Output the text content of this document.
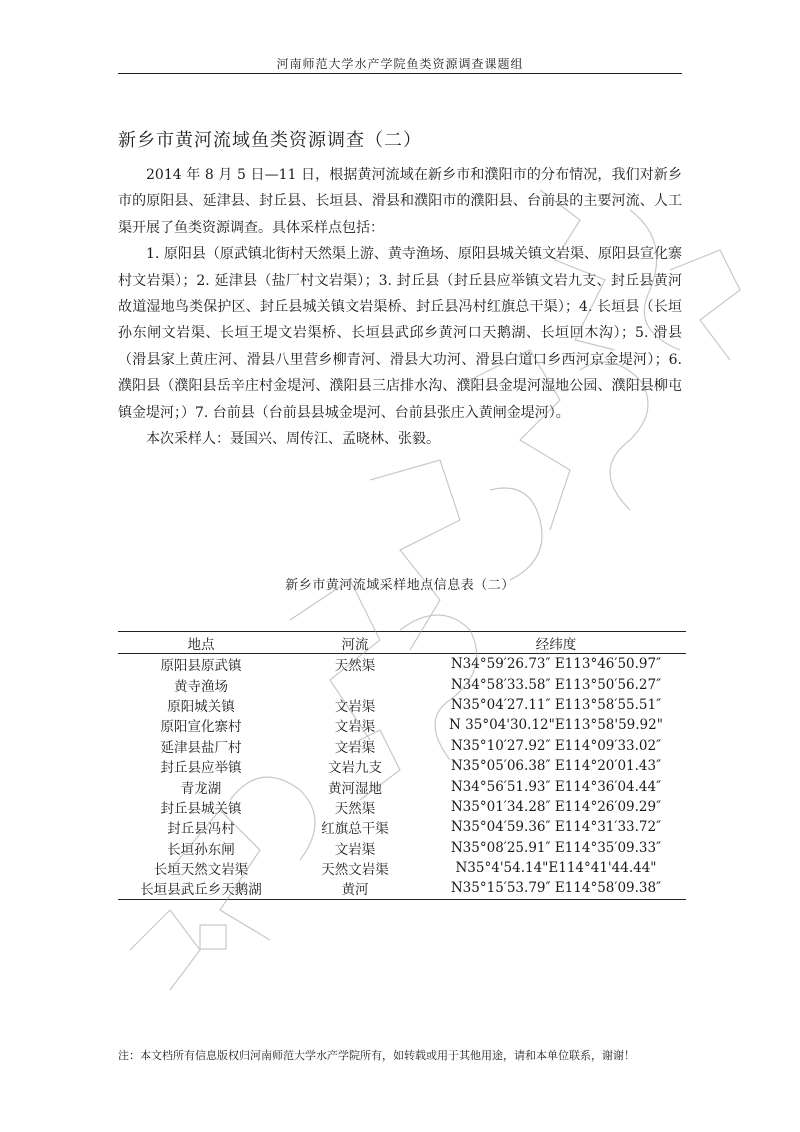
河南师范大学水产学院鱼类资源调查课题组
新乡市黄河流域鱼类资源调查（二）

2014 年 8 月 5 日—11 日，根据黄河流域在新乡市和濮阳市的分布情况，我们对新乡市的原阳县、延津县、封丘县、长垣县、滑县和濮阳市的濮阳县、台前县的主要河流、人工渠开展了鱼类资源调查。具体采样点包括：

1. 原阳县（原武镇北街村天然渠上游、黄寺渔场、原阳县城关镇文岩渠、原阳县宣化寨村文岩渠）；2. 延津县（盐厂村文岩渠）；3. 封丘县（封丘县应举镇文岩九支、封丘县黄河故道湿地鸟类保护区、封丘县城关镇文岩渠桥、封丘县冯村红旗总干渠）；4. 长垣县（长垣孙东闸文岩渠、长垣王堤文岩渠桥、长垣县武邱乡黄河口天鹅湖、长垣回木沟）；5. 滑县（滑县家上黄庄河、滑县八里营乡柳青河、滑县大功河、滑县白道口乡西河京金堤河）；6. 濮阳县（濮阳县岳辛庄村金堤河、濮阳县三店排水沟、濮阳县金堤河湿地公园、濮阳县柳屯镇金堤河；）7. 台前县（台前县县城金堤河、台前县张庄入黄闸金堤河）。

本次采样人：聂国兴、周传江、孟晓林、张毅。

新乡市黄河流域采样地点信息表（二）
地点	河流	经纬度
原阳县原武镇	天然渠	N34°59′26.73″ E113°46′50.97″
黄寺渔场		N34°58′33.58″ E113°50′56.27″
原阳城关镇	文岩渠	N35°04′27.11″ E113°58′55.51″
原阳宣化寨村	文岩渠	N 35°04'30.12"E113°58'59.92"
延津县盐厂村	文岩渠	N35°10′27.92″ E114°09′33.02″
封丘县应举镇	文岩九支	N35°05′06.38″ E114°20′01.43″
青龙湖	黄河湿地	N34°56′51.93″ E114°36′04.44″
封丘县城关镇	天然渠	N35°01′34.28″ E114°26′09.29″
封丘县冯村	红旗总干渠	N35°04′59.36″ E114°31′33.72″
长垣孙东闸	文岩渠	N35°08′25.91″ E114°35′09.33″
长垣天然文岩渠	天然文岩渠	N35°4'54.14"E114°41'44.44"
长垣县武丘乡天鹅湖	黄河	N35°15′53.79″ E114°58′09.38″
注：本文档所有信息版权归河南师范大学水产学院所有，如转载或用于其他用途，请和本单位联系，谢谢！
